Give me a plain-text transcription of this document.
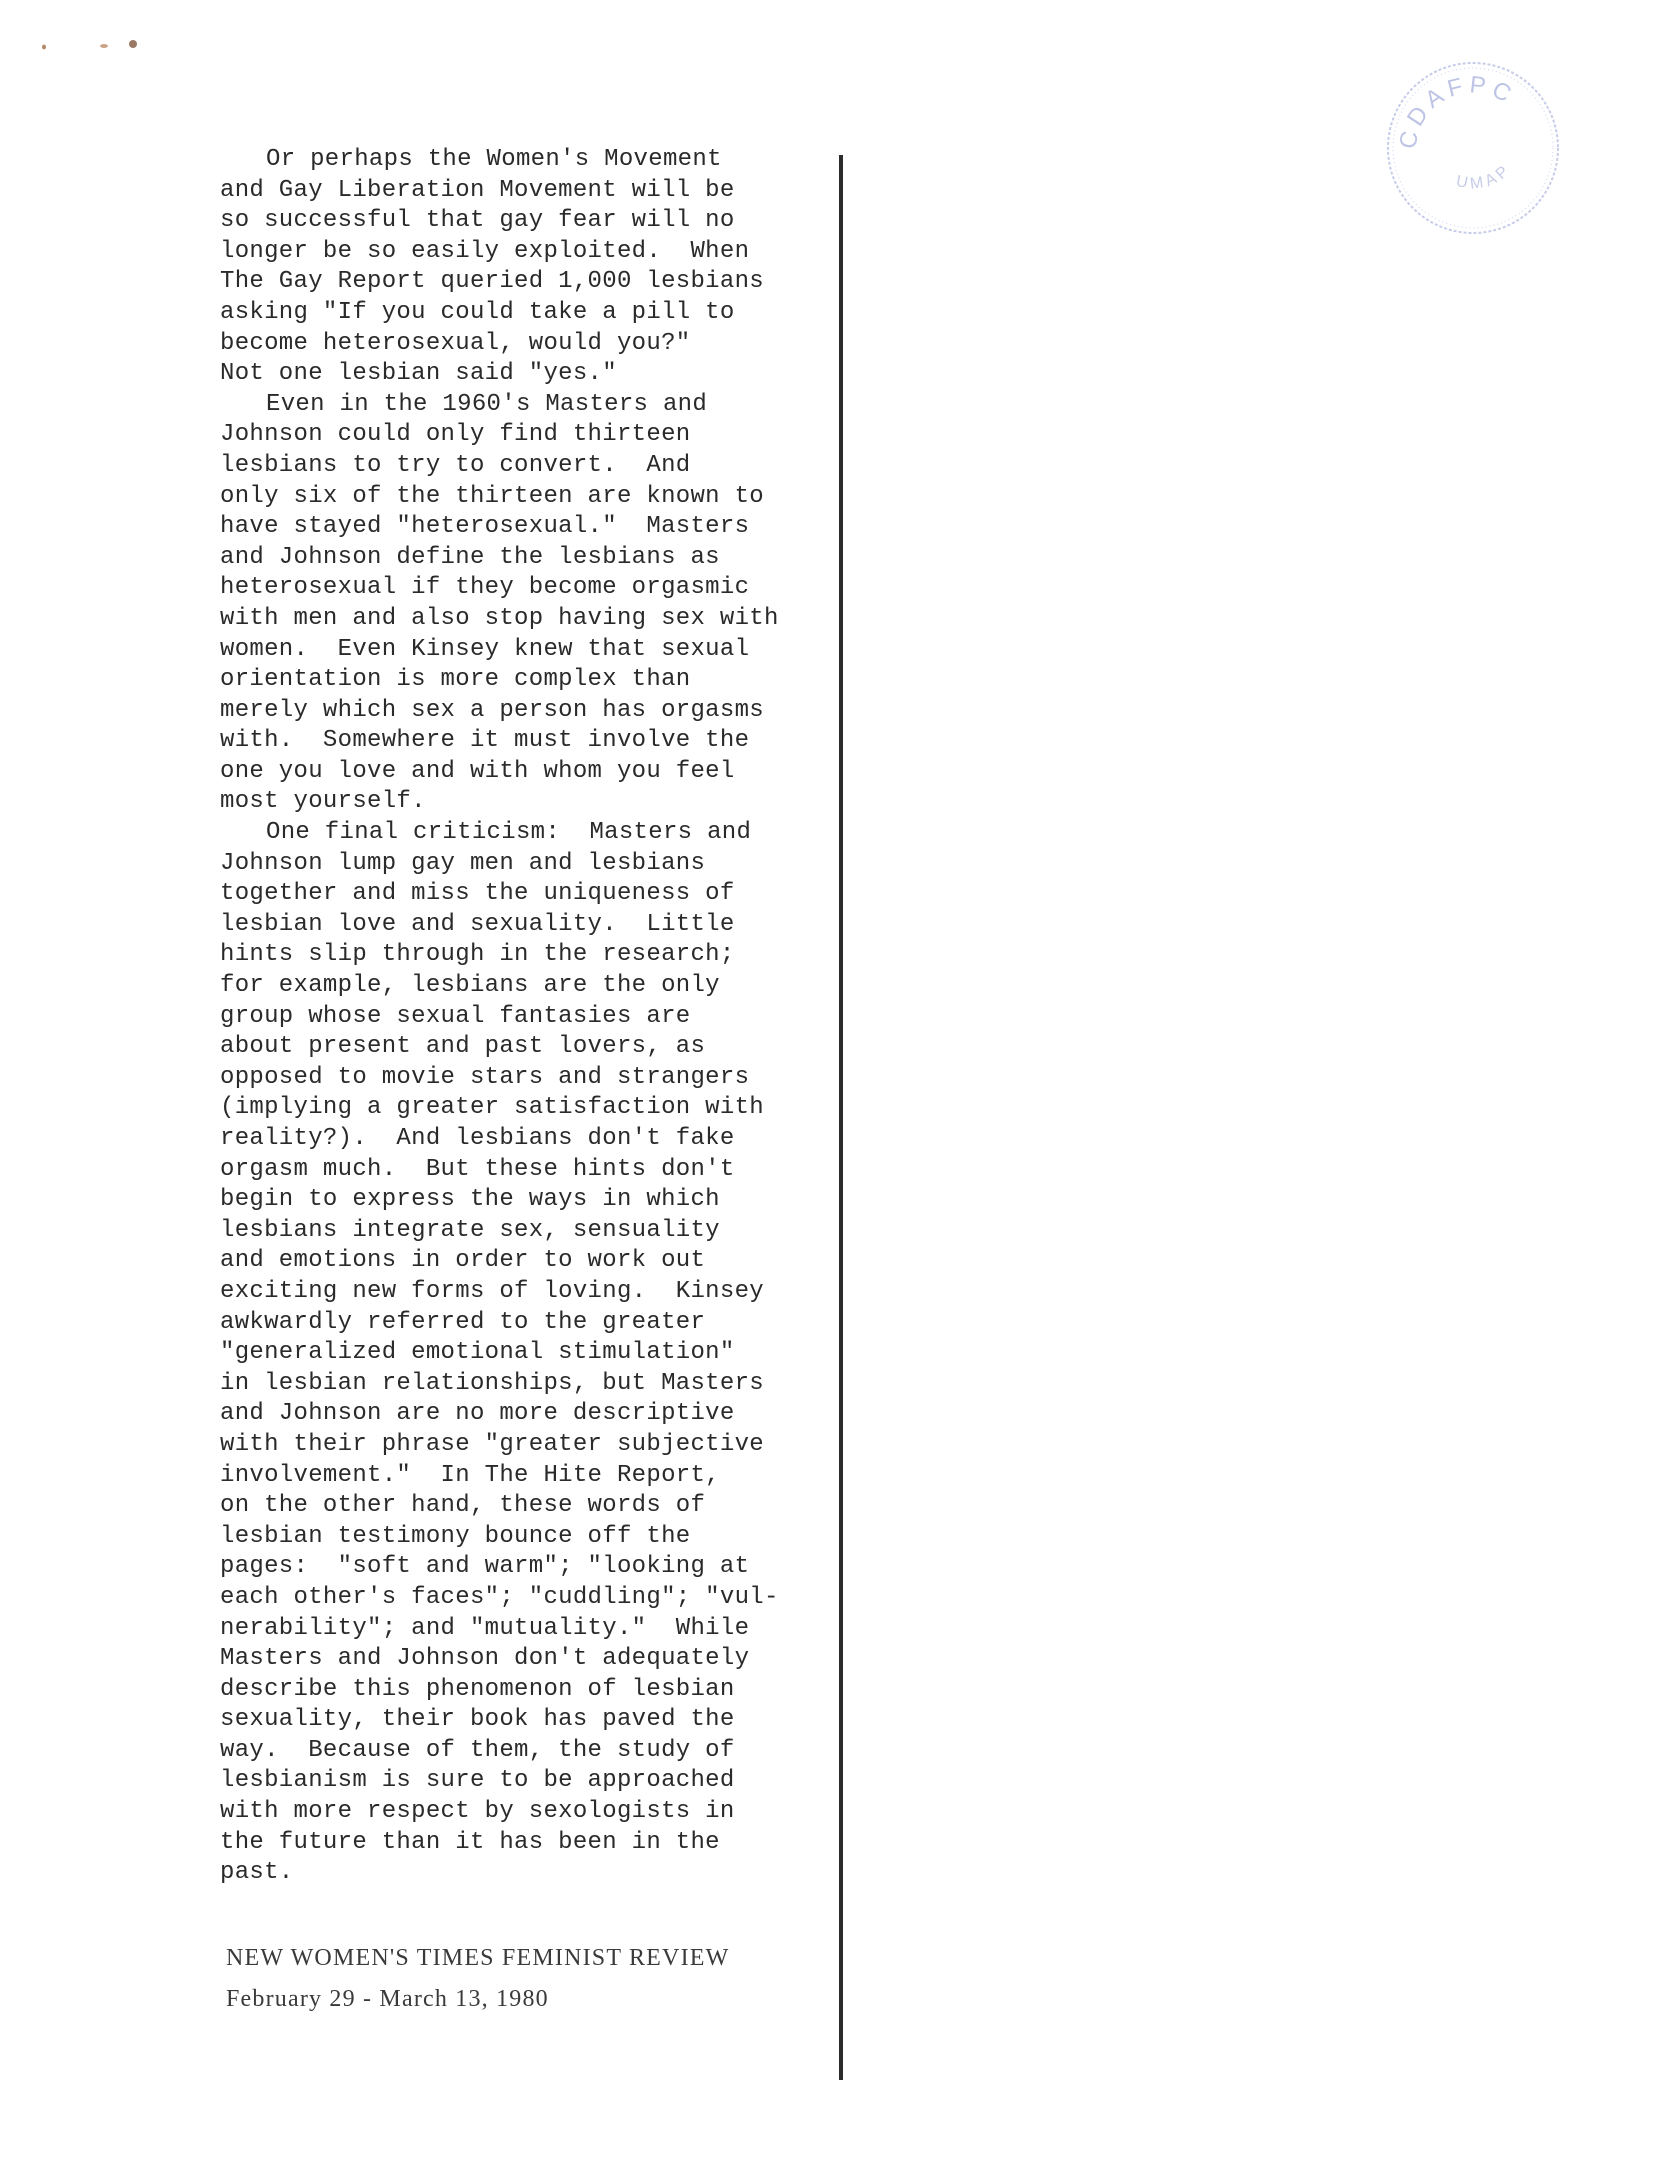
CDAFPC
UMAP
Or perhaps the Women's Movement
and Gay Liberation Movement will be
so successful that gay fear will no
longer be so easily exploited.  When
The Gay Report queried 1,000 lesbians
asking "If you could take a pill to
become heterosexual, would you?"
Not one lesbian said "yes."
Even in the 1960's Masters and
Johnson could only find thirteen
lesbians to try to convert.  And
only six of the thirteen are known to
have stayed "heterosexual."  Masters
and Johnson define the lesbians as
heterosexual if they become orgasmic
with men and also stop having sex with
women.  Even Kinsey knew that sexual
orientation is more complex than
merely which sex a person has orgasms
with.  Somewhere it must involve the
one you love and with whom you feel
most yourself.
One final criticism:  Masters and
Johnson lump gay men and lesbians
together and miss the uniqueness of
lesbian love and sexuality.  Little
hints slip through in the research;
for example, lesbians are the only
group whose sexual fantasies are
about present and past lovers, as
opposed to movie stars and strangers
(implying a greater satisfaction with
reality?).  And lesbians don't fake
orgasm much.  But these hints don't
begin to express the ways in which
lesbians integrate sex, sensuality
and emotions in order to work out
exciting new forms of loving.  Kinsey
awkwardly referred to the greater
"generalized emotional stimulation"
in lesbian relationships, but Masters
and Johnson are no more descriptive
with their phrase "greater subjective
involvement."  In The Hite Report,
on the other hand, these words of
lesbian testimony bounce off the
pages:  "soft and warm"; "looking at
each other's faces"; "cuddling"; "vul-
nerability"; and "mutuality."  While
Masters and Johnson don't adequately
describe this phenomenon of lesbian
sexuality, their book has paved the
way.  Because of them, the study of
lesbianism is sure to be approached
with more respect by sexologists in
the future than it has been in the
past.
NEW WOMEN'S TIMES FEMINIST REVIEW
February 29 - March 13, 1980
